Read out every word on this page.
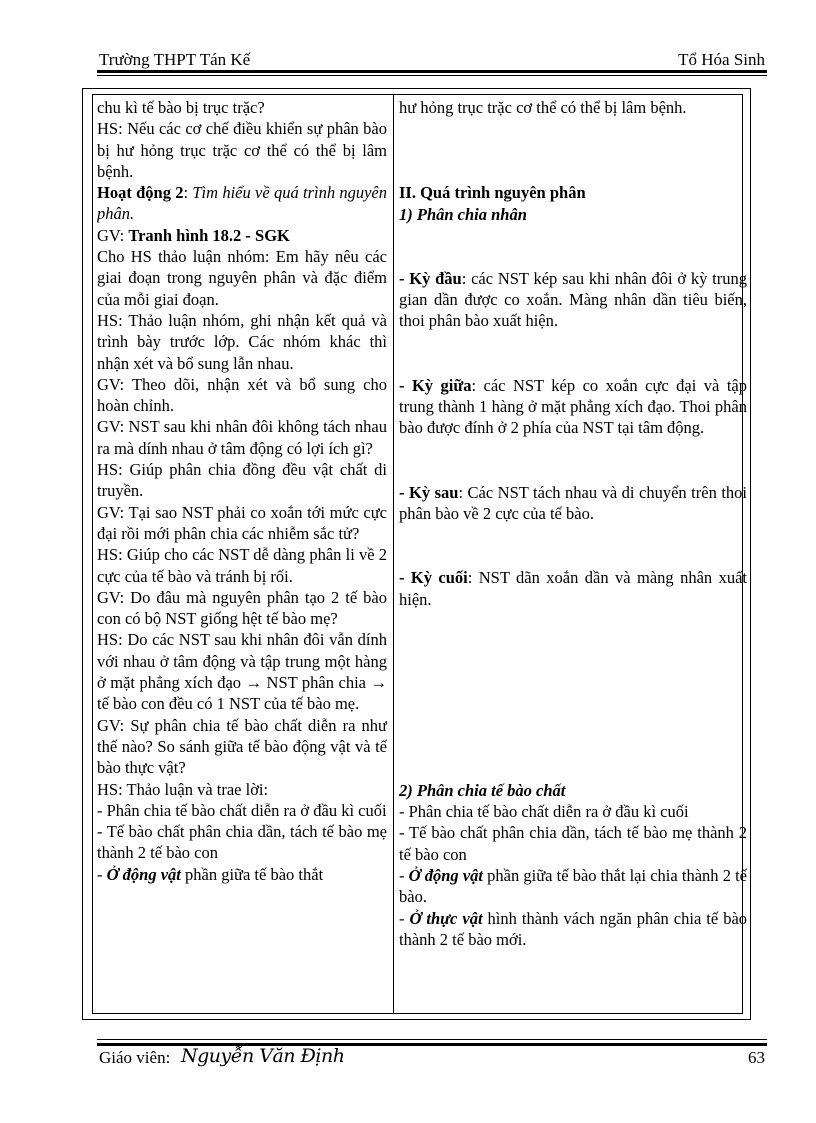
Trường THPT Tán Kế	Tổ Hóa Sinh

chu kì tế bào bị trục trặc?

HS: Nếu các cơ chế điều khiển sự phân bào bị hư hỏng trục trặc cơ thể có thể bị lâm bệnh.

Hoạt động 2: Tìm hiểu về quá trình nguyên phân.

GV: Tranh hình 18.2 - SGK

Cho HS thảo luận nhóm: Em hãy nêu các giai đoạn trong nguyên phân và đặc điểm của mỗi giai đoạn.

HS: Thảo luận nhóm, ghi nhận kết quả và trình bày trước lớp. Các nhóm khác thì nhận xét và bổ sung lẫn nhau.

GV: Theo dõi, nhận xét và bổ sung cho hoàn chỉnh.

GV: NST sau khi nhân đôi không tách nhau ra mà dính nhau ở tâm động có lợi ích gì?

HS: Giúp phân chia đồng đều vật chất di truyền.

GV: Tại sao NST phải co xoắn tới mức cực đại rồi mới phân chia các nhiễm sắc tử?

HS: Giúp cho các NST dễ dàng phân li về 2 cực của tế bào và tránh bị rối.

GV: Do đâu mà nguyên phân tạo 2 tế bào con có bộ NST giống hệt tế bào mẹ?

HS: Do các NST sau khi nhân đôi vẫn dính với nhau ở tâm động và tập trung một hàng ở mặt phẳng xích đạo → NST phân chia → tế bào con đều có 1 NST của tế bào mẹ.

GV: Sự phân chia tế bào chất diễn ra như thế nào? So sánh giữa tế bào động vật và tế bào thực vật?

HS: Thảo luận và trae lời:

- Phân chia tế bào chất diễn ra ở đầu kì cuối

- Tế bào chất phân chia dần, tách tế bào mẹ thành 2 tế bào con

- Ở động vật phần giữa tế bào thắt

hư hỏng trục trặc cơ thể có thể bị lâm bệnh.

II. Quá trình nguyên phân

1) Phân chia nhân

- Kỳ đầu: các NST kép sau khi nhân đôi ở kỳ trung gian dần được co xoắn. Màng nhân dần tiêu biến, thoi phân bào xuất hiện.

- Kỳ giữa: các NST kép co xoắn cực đại và tập trung thành 1 hàng ở mặt phẳng xích đạo. Thoi phân bào được đính ở 2 phía của NST tại tâm động.

- Kỳ sau: Các NST tách nhau và di chuyển trên thoi phân bào về 2 cực của tế bào.

- Kỳ cuối: NST dãn xoắn dần và màng nhân xuất hiện.

2) Phân chia tế bào chất

- Phân chia tế bào chất diễn ra ở đầu kì cuối

- Tế bào chất phân chia dần, tách tế bào mẹ thành 2 tế bào con

- Ở động vật phần giữa tế bào thắt lại chia thành 2 tế bào.

- Ở thực vật hình thành vách ngăn phân chia tế bào thành 2 tế bào mới.

Giáo viên: Nguyễn Văn Định	63
